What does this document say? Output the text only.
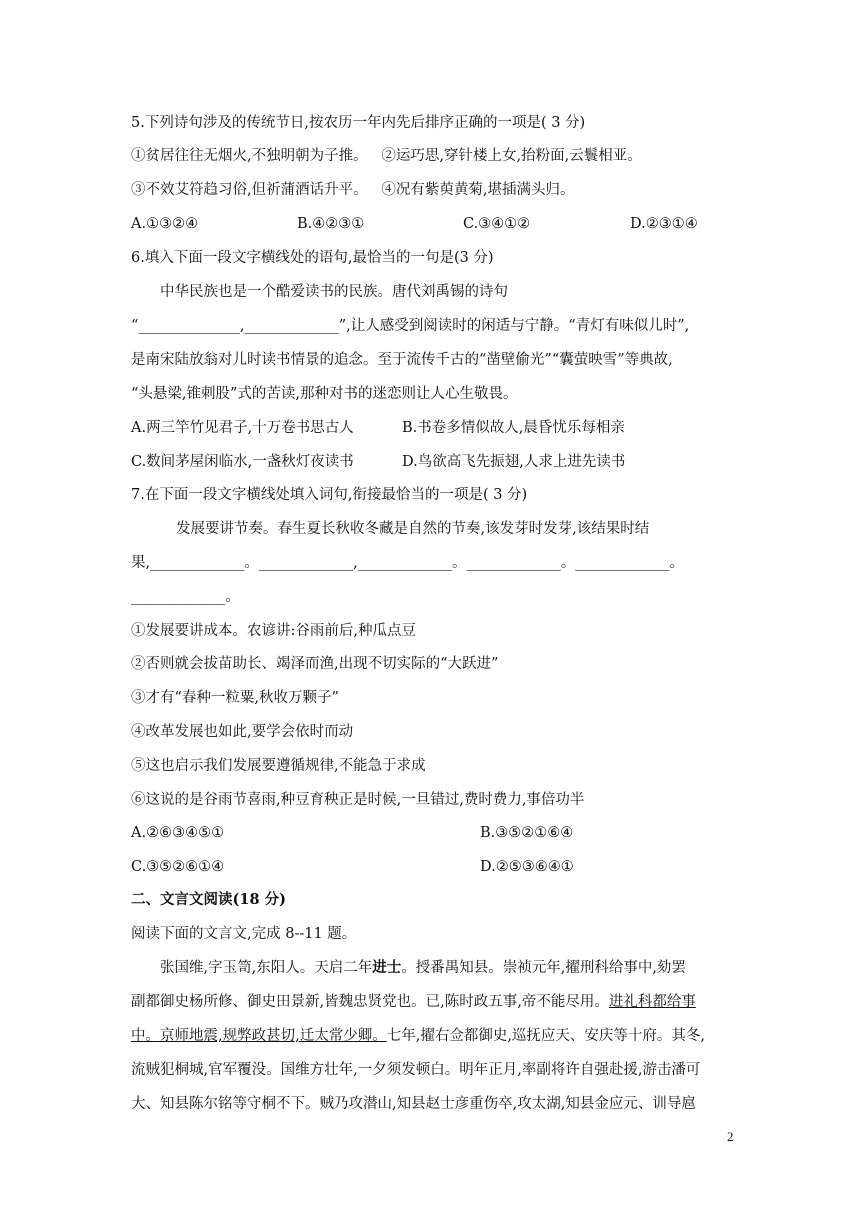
5.下列诗句涉及的传统节日,按农历一年内先后排序正确的一项是( 3 分)
①贫居往往无烟火,不独明朝为子推。   ②运巧思,穿针楼上女,抬粉面,云鬟相亚。
③不效艾符趋习俗,但祈蒲酒话升平。   ④况有紫萸黄菊,堪插满头归。
A.①③②④	B.④②③①	C.③④①②	D.②③①④
6.填入下面一段文字横线处的语句,最恰当的一句是(3 分)
中华民族也是一个酷爱读书的民族。唐代刘禹锡的诗句
“______________,_____________”,让人感受到阅读时的闲适与宁静。“青灯有味似儿时”,
是南宋陆放翁对儿时读书情景的追念。至于流传千古的“凿壁偷光”“囊萤映雪”等典故,
“头悬梁,锥刺股”式的苦读,那种对书的迷恋则让人心生敬畏。
A.两三竿竹见君子,十万卷书思古人	B.书卷多情似故人,晨昏忧乐每相亲
C.数间茅屋闲临水,一盏秋灯夜读书	D.鸟欲高飞先振翅,人求上进先读书
7.在下面一段文字横线处填入词句,衔接最恰当的一项是( 3 分)
发展要讲节奏。春生夏长秋收冬藏是自然的节奏,该发芽时发芽,该结果时结
果,_____________。_____________,_____________。_____________。_____________。
_____________。
①发展要讲成本。农谚讲:谷雨前后,种瓜点豆
②否则就会拔苗助长、竭泽而渔,出现不切实际的“大跃进”
③才有“春种一粒粟,秋收万颗子”
④改革发展也如此,要学会依时而动
⑤这也启示我们发展要遵循规律,不能急于求成
⑥这说的是谷雨节喜雨,种豆育秧正是时候,一旦错过,费时费力,事倍功半
A.②⑥③④⑤①	B.③⑤②①⑥④
C.③⑤②⑥①④	D.②⑤③⑥④①
二、文言文阅读(18 分)
阅读下面的文言文,完成 8--11 题。
张国维,字玉笥,东阳人。天启二年进士。授番禺知县。崇祯元年,擢刑科给事中,劾罢
副都御史杨所修、御史田景新,皆魏忠贤党也。已,陈时政五事,帝不能尽用。进礼科都给事
中。京师地震,规弊政甚切,迁太常少卿。七年,擢右佥都御史,巡抚应天、安庆等十府。其冬,
流贼犯桐城,官军覆没。国维方壮年,一夕须发顿白。明年正月,率副将许自强赴援,游击潘可
大、知县陈尔铭等守桐不下。贼乃攻潜山,知县赵士彦重伤卒,攻太湖,知县金应元、训导扈
2
